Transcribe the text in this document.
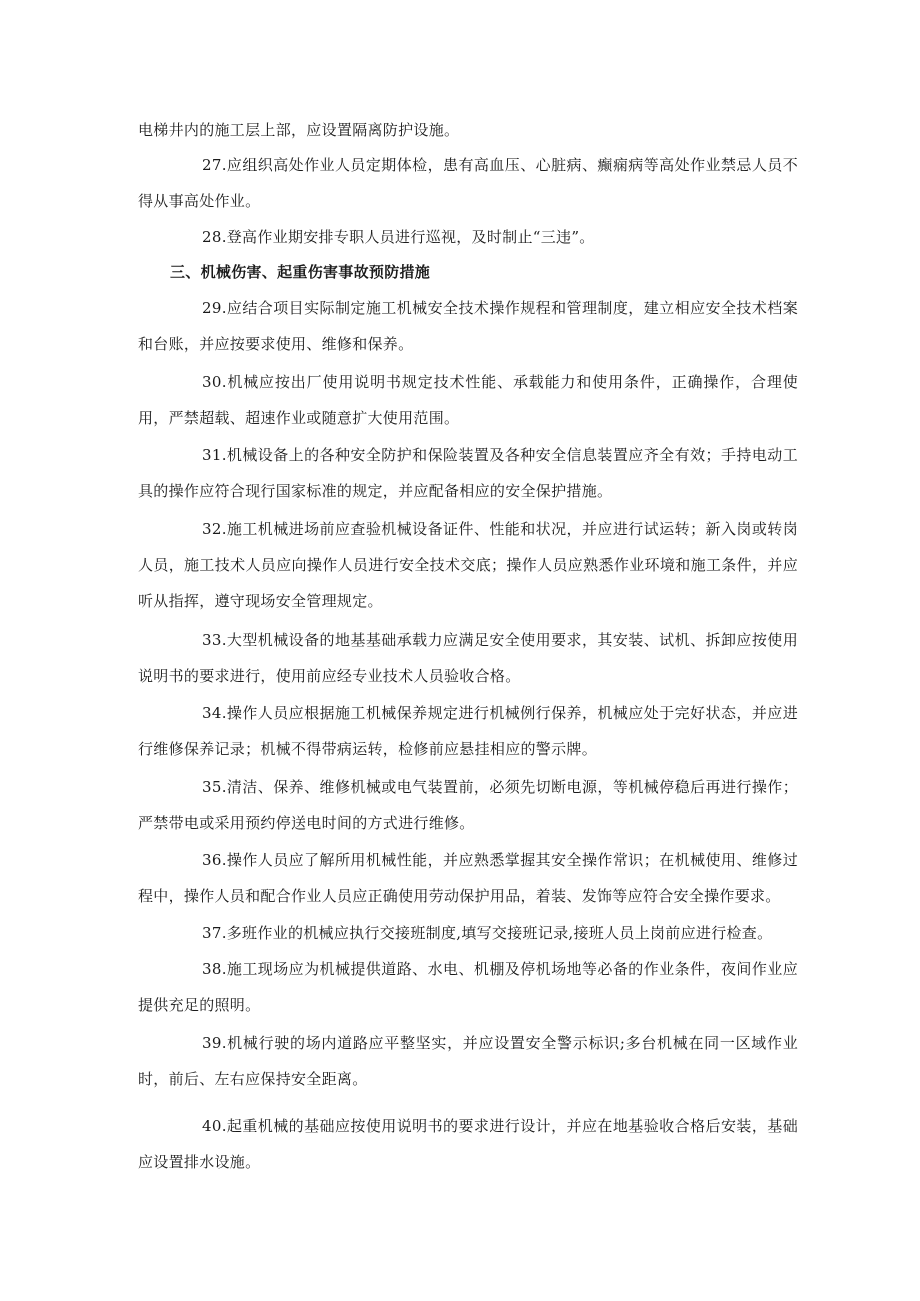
电梯井内的施工层上部，应设置隔离防护设施。

27.应组织高处作业人员定期体检，患有高血压、心脏病、癫痫病等高处作业禁忌人员不得从事高处作业。

28.登高作业期安排专职人员进行巡视，及时制止“三违”。

三、机械伤害、起重伤害事故预防措施

29.应结合项目实际制定施工机械安全技术操作规程和管理制度，建立相应安全技术档案和台账，并应按要求使用、维修和保养。

30.机械应按出厂使用说明书规定技术性能、承载能力和使用条件，正确操作，合理使用，严禁超载、超速作业或随意扩大使用范围。

31.机械设备上的各种安全防护和保险装置及各种安全信息装置应齐全有效；手持电动工具的操作应符合现行国家标准的规定，并应配备相应的安全保护措施。

32.施工机械进场前应查验机械设备证件、性能和状况，并应进行试运转；新入岗或转岗人员，施工技术人员应向操作人员进行安全技术交底；操作人员应熟悉作业环境和施工条件，并应听从指挥，遵守现场安全管理规定。

33.大型机械设备的地基基础承载力应满足安全使用要求，其安装、试机、拆卸应按使用说明书的要求进行，使用前应经专业技术人员验收合格。

34.操作人员应根据施工机械保养规定进行机械例行保养，机械应处于完好状态，并应进行维修保养记录；机械不得带病运转，检修前应悬挂相应的警示牌。

35.清洁、保养、维修机械或电气装置前，必须先切断电源，等机械停稳后再进行操作；严禁带电或采用预约停送电时间的方式进行维修。

36.操作人员应了解所用机械性能，并应熟悉掌握其安全操作常识；在机械使用、维修过程中，操作人员和配合作业人员应正确使用劳动保护用品，着装、发饰等应符合安全操作要求。

37.多班作业的机械应执行交接班制度,填写交接班记录,接班人员上岗前应进行检查。

38.施工现场应为机械提供道路、水电、机棚及停机场地等必备的作业条件，夜间作业应提供充足的照明。

39.机械行驶的场内道路应平整坚实，并应设置安全警示标识;多台机械在同一区域作业时，前后、左右应保持安全距离。

40.起重机械的基础应按使用说明书的要求进行设计，并应在地基验收合格后安装，基础应设置排水设施。
